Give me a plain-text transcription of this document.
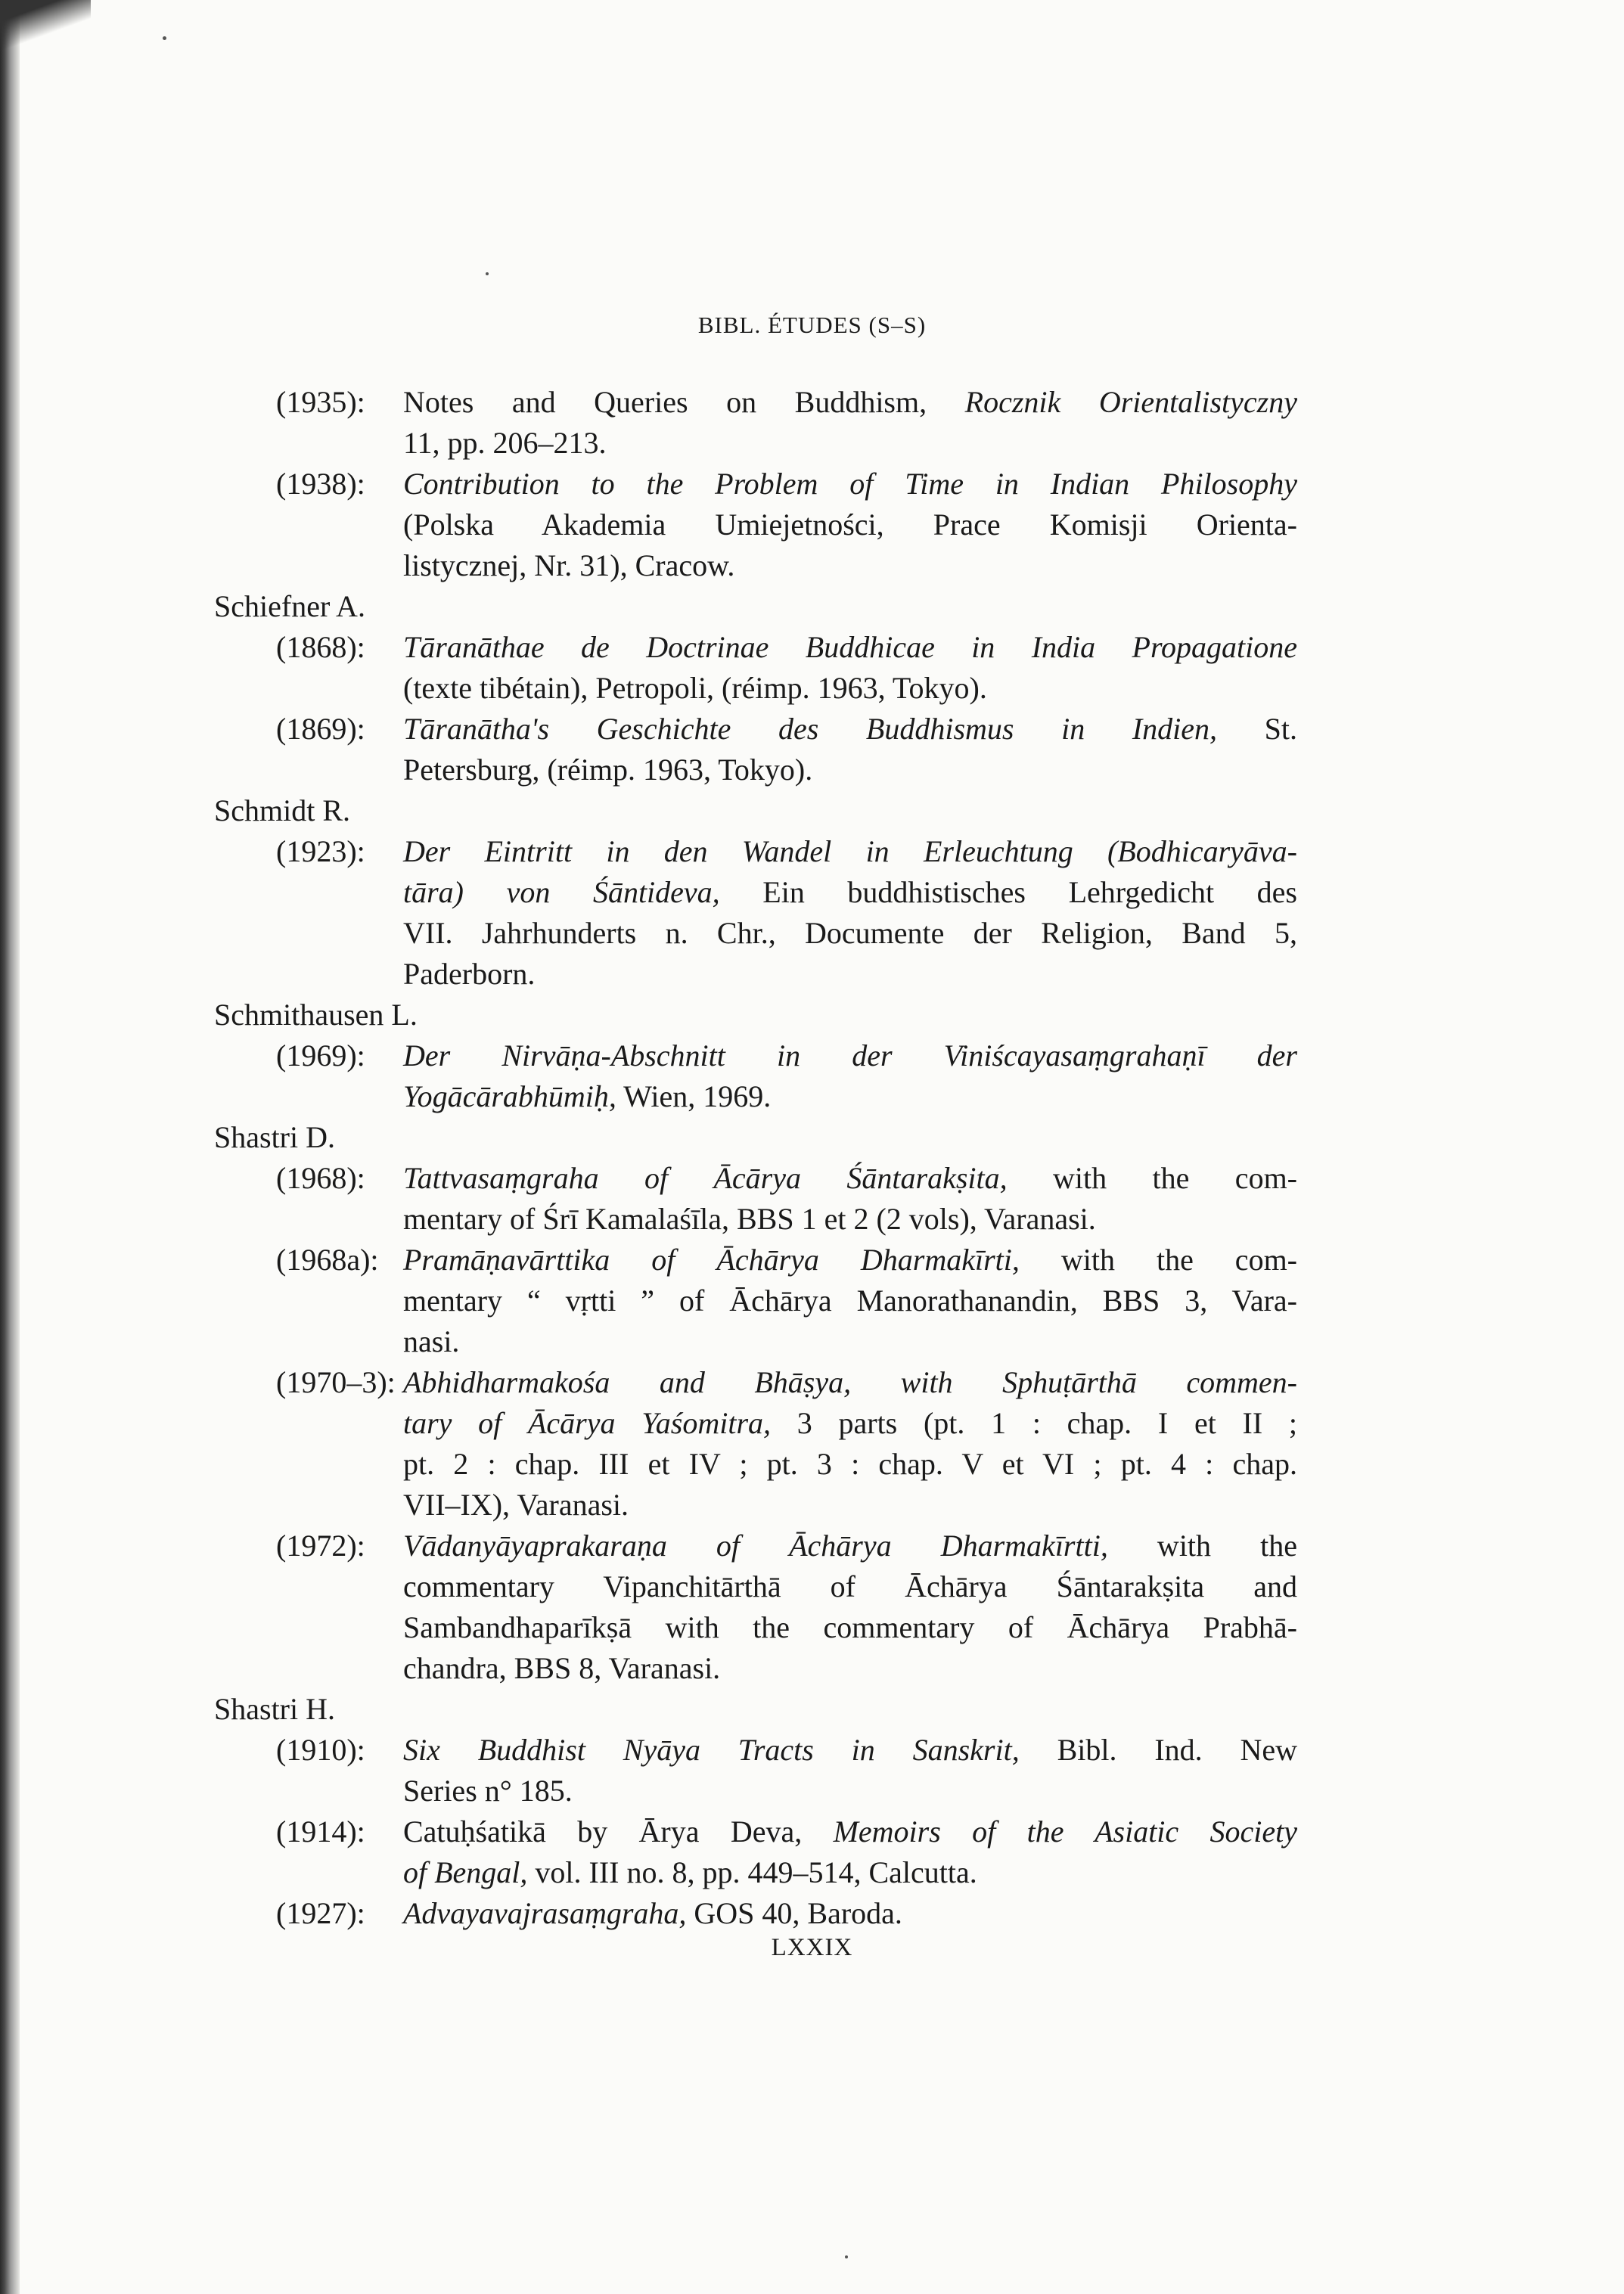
BIBL. ÉTUDES (S–S)
(1935): Notes and Queries on Buddhism, Rocznik Orientalistyczny
11, pp. 206–213.
(1938): Contribution to the Problem of Time in Indian Philosophy
(Polska Akademia Umiejetności, Prace Komisji Orienta-
listycznej, Nr. 31), Cracow.
Schiefner A.
(1868): Tāranāthae de Doctrinae Buddhicae in India Propagatione
(texte tibétain), Petropoli, (réimp. 1963, Tokyo).
(1869): Tāranātha's Geschichte des Buddhismus in Indien, St.
Petersburg, (réimp. 1963, Tokyo).
Schmidt R.
(1923): Der Eintritt in den Wandel in Erleuchtung (Bodhicaryāva-
tāra) von Śāntideva, Ein buddhistisches Lehrgedicht des
VII. Jahrhunderts n. Chr., Documente der Religion, Band 5,
Paderborn.
Schmithausen L.
(1969): Der Nirvāṇa-Abschnitt in der Viniścayasaṃgrahaṇī der
Yogācārabhūmiḥ, Wien, 1969.
Shastri D.
(1968): Tattvasaṃgraha of Ācārya Śāntarakṣita, with the com-
mentary of Śrī Kamalaśīla, BBS 1 et 2 (2 vols), Varanasi.
(1968a): Pramāṇavārttika of Āchārya Dharmakīrti, with the com-
mentary “ vṛtti ” of Āchārya Manorathanandin, BBS 3, Vara-
nasi.
(1970–3): Abhidharmakośa and Bhāṣya, with Sphuṭārthā commen-
tary of Ācārya Yaśomitra, 3 parts (pt. 1 : chap. I et II ;
pt. 2 : chap. III et IV ; pt. 3 : chap. V et VI ; pt. 4 : chap.
VII–IX), Varanasi.
(1972): Vādanyāyaprakaraṇa of Āchārya Dharmakīrtti, with the
commentary Vipanchitārthā of Āchārya Śāntarakṣita and
Sambandhaparīkṣā with the commentary of Āchārya Prabhā-
chandra, BBS 8, Varanasi.
Shastri H.
(1910): Six Buddhist Nyāya Tracts in Sanskrit, Bibl. Ind. New
Series n° 185.
(1914): Catuḥśatikā by Ārya Deva, Memoirs of the Asiatic Society
of Bengal, vol. III no. 8, pp. 449–514, Calcutta.
(1927): Advayavajrasaṃgraha, GOS 40, Baroda.
LXXIX
